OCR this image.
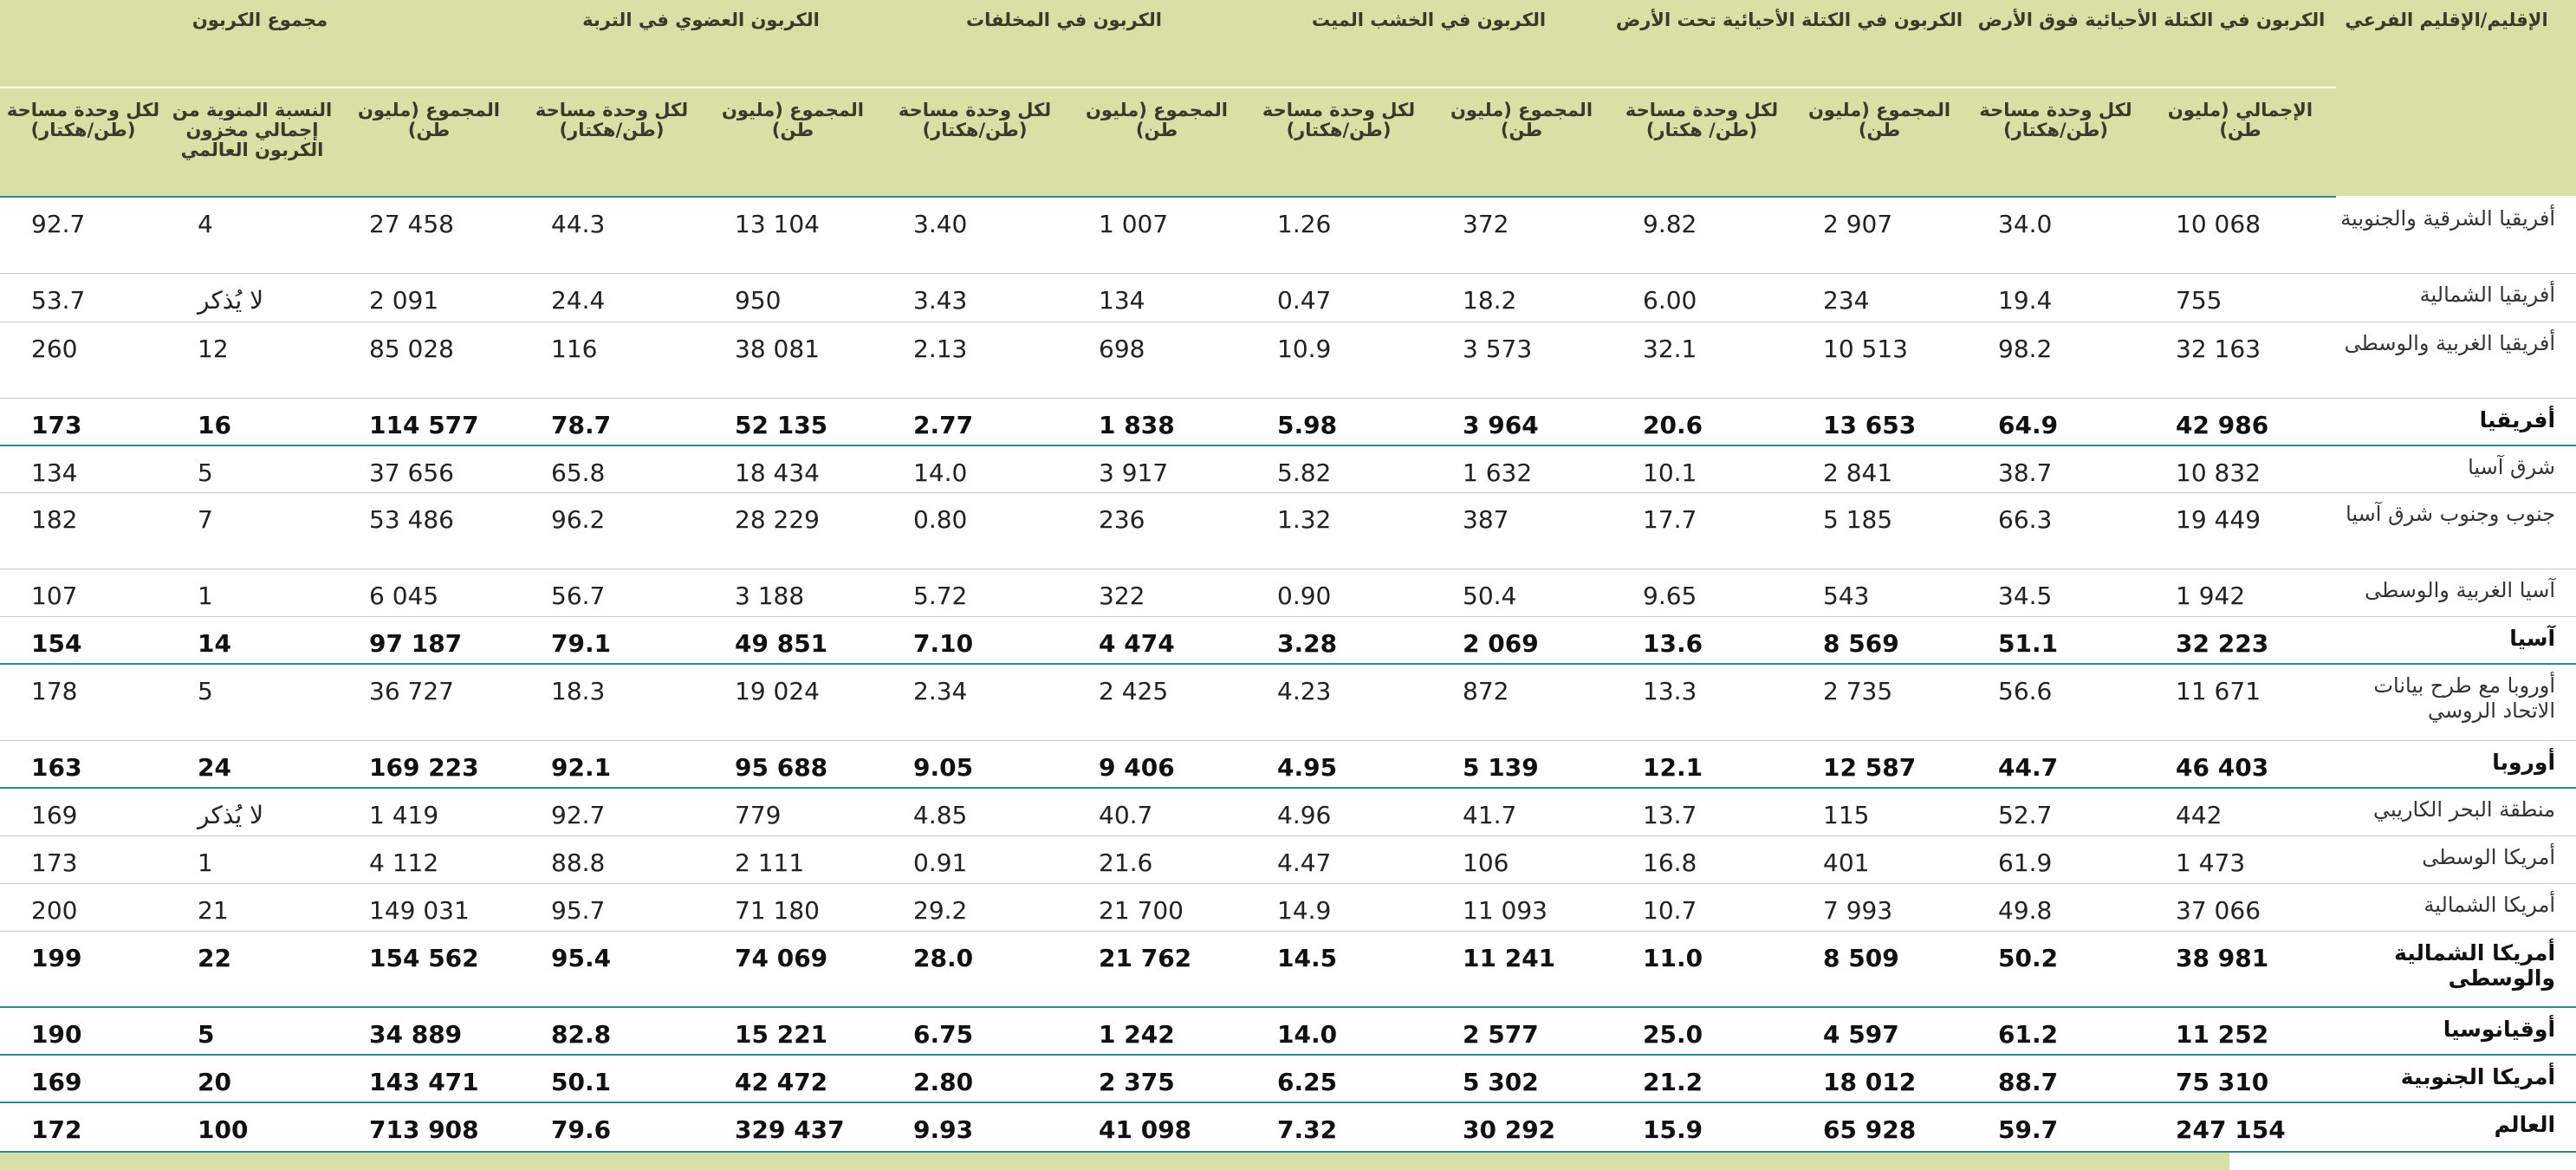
مجموع الكربون			الكربون العضوي في التربة		الكربون في المخلفات		الكربون في الخشب الميت		الكربون في الكتلة الأحيائية تحت الأرض		الكربون في الكتلة الأحيائية فوق الأرض		الإقليم/الإقليم الفرعي
لكل وحدة مساحة (طن/هكتار)	النسبة المنوية من إجمالي مخزون الكربون العالمي	المجموع (مليون طن)	لكل وحدة مساحة (طن/هكتار)	المجموع (مليون طن)	لكل وحدة مساحة (طن/هكتار)	المجموع (مليون طن)	لكل وحدة مساحة (طن/هكتار)	المجموع (مليون طن)	لكل وحدة مساحة (طن/ هكتار)	المجموع (مليون طن)	لكل وحدة مساحة (طن/هكتار)	الإجمالي (مليون طن)	
92.7	4	27 458	44.3	13 104	3.40	1 007	1.26	372	9.82	2 907	34.0	10 068	أفريقيا الشرقية والجنوبية
53.7	لا يُذكر	2 091	24.4	950	3.43	134	0.47	18.2	6.00	234	19.4	755	أفريقيا الشمالية
260	12	85 028	116	38 081	2.13	698	10.9	3 573	32.1	10 513	98.2	32 163	أفريقيا الغربية والوسطى
173	16	114 577	78.7	52 135	2.77	1 838	5.98	3 964	20.6	13 653	64.9	42 986	أفريقيا
134	5	37 656	65.8	18 434	14.0	3 917	5.82	1 632	10.1	2 841	38.7	10 832	شرق آسيا
182	7	53 486	96.2	28 229	0.80	236	1.32	387	17.7	5 185	66.3	19 449	جنوب وجنوب شرق آسيا
107	1	6 045	56.7	3 188	5.72	322	0.90	50.4	9.65	543	34.5	1 942	آسيا الغربية والوسطى
154	14	97 187	79.1	49 851	7.10	4 474	3.28	2 069	13.6	8 569	51.1	32 223	آسيا
178	5	36 727	18.3	19 024	2.34	2 425	4.23	872	13.3	2 735	56.6	11 671	أوروبا مع طرح بيانات الاتحاد الروسي
163	24	169 223	92.1	95 688	9.05	9 406	4.95	5 139	12.1	12 587	44.7	46 403	أوروبا
169	لا يُذكر	1 419	92.7	779	4.85	40.7	4.96	41.7	13.7	115	52.7	442	منطقة البحر الكاريبي
173	1	4 112	88.8	2 111	0.91	21.6	4.47	106	16.8	401	61.9	1 473	أمريكا الوسطى
200	21	149 031	95.7	71 180	29.2	21 700	14.9	11 093	10.7	7 993	49.8	37 066	أمريكا الشمالية
199	22	154 562	95.4	74 069	28.0	21 762	14.5	11 241	11.0	8 509	50.2	38 981	أمريكا الشمالية والوسطى
190	5	34 889	82.8	15 221	6.75	1 242	14.0	2 577	25.0	4 597	61.2	11 252	أوقيانوسيا
169	20	143 471	50.1	42 472	2.80	2 375	6.25	5 302	21.2	18 012	88.7	75 310	أمريكا الجنوبية
172	100	713 908	79.6	329 437	9.93	41 098	7.32	30 292	15.9	65 928	59.7	247 154	العالم
